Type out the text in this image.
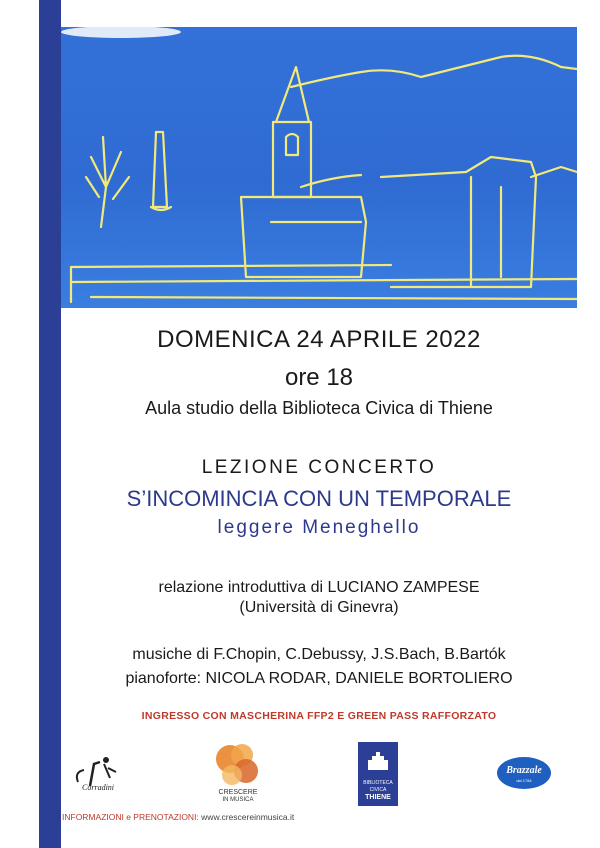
DOMENICA 24 APRILE 2022
ore 18
Aula studio della Biblioteca Civica di Thiene
LEZIONE CONCERTO
S’INCOMINCIA CON UN TEMPORALE
leggere Meneghello
relazione introduttiva di LUCIANO ZAMPESE
(Università di Ginevra)
musiche di F.Chopin, C.Debussy, J.S.Bach, B.Bartók
pianoforte: NICOLA RODAR, DANIELE BORTOLIERO
INGRESSO CON MASCHERINA FFP2 E GREEN PASS RAFFORZATO
Corradini
CRESCERE
IN MUSICA
BIBLIOTECA
CIVICA
THIENE
Brazzale
dal 1784
INFORMAZIONI e PRENOTAZIONI: www.crescereinmusica.it
